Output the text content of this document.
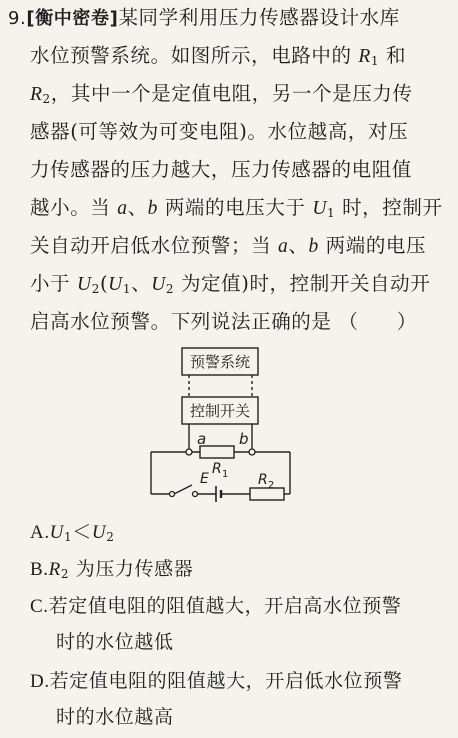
9.[衡中密卷]某同学利用压力传感器设计水库
水位预警系统。如图所示，电路中的 $R_1$ 和
$R_2$，其中一个是定值电阻，另一个是压力传
感器(可等效为可变电阻)。水位越高，对压
力传感器的压力越大，压力传感器的电阻值
越小。当 a、b 两端的电压大于 $U_1$ 时，控制开
关自动开启低水位预警；当 a、b 两端的电压
小于 $U_2(U_1$、$U_2$ 为定值)时，控制开关自动开
启高水位预警。下列说法正确的是 （　　）
预警系统
控制开关
a b
R 1 R 2
E
$A.U_1<U_2$
$B.R_2$ 为压力传感器
C.若定值电阻的阻值越大，开启高水位预警
时的水位越低
D.若定值电阻的阻值越大，开启低水位预警
时的水位越高
